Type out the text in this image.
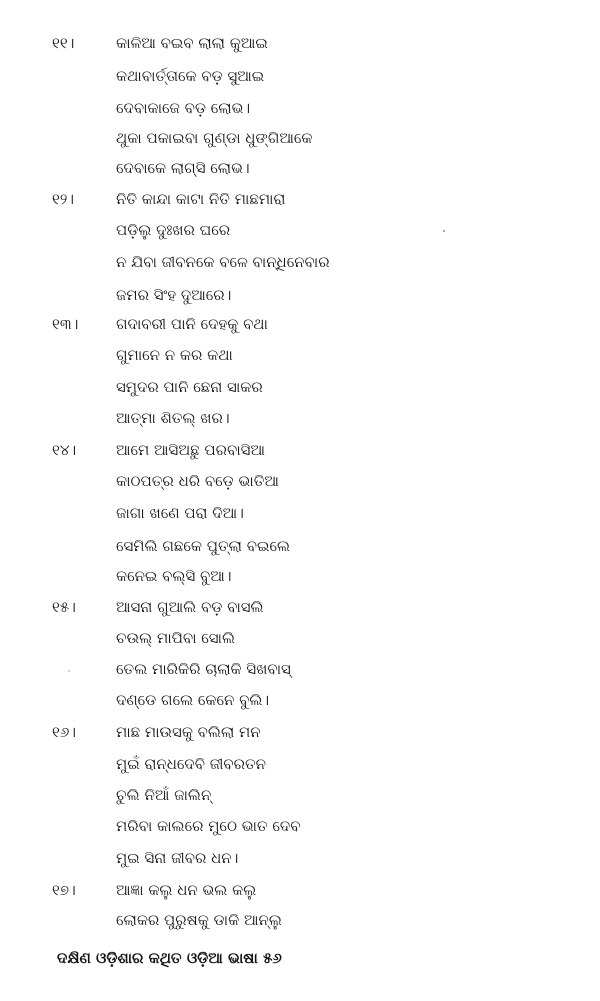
୧୧।	କାଳିଆ ବଇବ ଲାଲା କୁଆଇ
କଥାବାର୍ତ୍ତାକେ ବଡ଼ ସୁଆଇ
ଦେବାକାଜେ ବଡ଼ ଲୋଭ।
ଥୁକା ପକାଇବା ଗୁଣ୍ଡା ଧୁଙ୍ଗିଆକେ
ଦେବାକେ ଲାଗ୍‌ସି ଲୋଭ।
୧୨।	ନିତି କାନ୍ଦା କାଟା ନିତି ମାଛମାରା
ପଡ଼ିଲୁ ଦୁଃଖର ଘରେ
ନ ଯିବା ଜୀବନକେ ବଳେ ବାନ୍ଧିନେବାର
ଜମର ସିଂହ ଦୁଆରେ।
୧୩।	ଗଦାବରୀ ପାନି ଦେହକୁ ବଥା
ଗୁମାନେ ନ କର କଥା
ସମୁଦର ପାନି ଛେନା ସାକର
ଆତ୍ମା ଶିତଲ୍ ଖର।
୧୪।	ଆମେ ଆସିଅଛୁ ପରବାସିଆ
କାଠପତ୍ର ଧରି ବଡ଼େ ଭାତିଆ
ଜାଗା ଖଣେ ପରା ଦିଆ।
ସେମିଲି ଗଛକେ ପୁତ୍‌ଲା ବଇଲେ
କନେଇ ବଲ୍‌ସି ବୁଆ।
୧୫।	ଆସନା ଗୁଆଲି ବଡ଼ ବାସଲି
ଚଉଲ୍ ମାପିବା ସୋଲି
ତେଲ ମାରିକିରି ଚାଲାକି ସିଖବାସ୍
ଦଣ୍ଡେ ଗଲେ କେନେ ବୁଲି।
୧୬।	ମାଛ ମାଉସକୁ ବଲିଲା ମନ
ମୁଇଁ ରାନ୍ଧଦେବି ଜୀବରତନ
ଚୁଲି ନିଆଁ ଜାଲିନ୍
ମରିବା କାଲରେ ମୁଠେ ଭାତ ଦେବ
ମୁଇ ସିନା ଜୀବର ଧନ।
୧୭।	ଆଜ୍ଞା କଲୁ ଧନ ଭଲ କଲୁ
ଲୋକର ପୁରୁଷକୁ ଡାକି ଆନ୍‌ଲୁ
ଦକ୍ଷିଣ ଓଡ଼ିଶାର କଥିତ ଓଡ଼ିଆ ଭାଷା ୫୬
